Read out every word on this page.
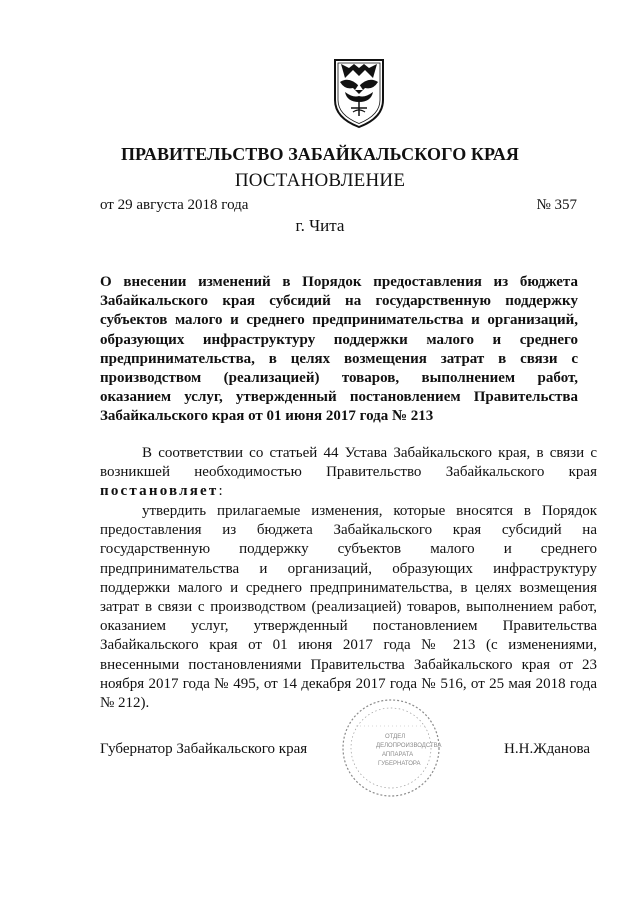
ПРАВИТЕЛЬСТВО ЗАБАЙКАЛЬСКОГО КРАЯ
ПОСТАНОВЛЕНИЕ
от 29 августа 2018 года	№ 357
г. Чита

О внесении изменений в Порядок предоставления из бюджета Забайкальского края субсидий на государственную поддержку субъектов малого и среднего предпринимательства и организаций, образующих инфраструктуру поддержки малого и среднего предпринимательства, в целях возмещения затрат в связи с производством (реализацией) товаров, выполнением работ, оказанием услуг, утвержденный постановлением Правительства Забайкальского края от 01 июня 2017 года № 213

В соответствии со статьей 44 Устава Забайкальского края, в связи с возникшей необходимостью Правительство Забайкальского края постановляет:

утвердить прилагаемые изменения, которые вносятся в Порядок предоставления из бюджета Забайкальского края субсидий на государственную поддержку субъектов малого и среднего предпринимательства и организаций, образующих инфраструктуру поддержки малого и среднего предпринимательства, в целях возмещения затрат в связи с производством (реализацией) товаров, выполнением работ, оказанием услуг, утвержденный постановлением Правительства Забайкальского края от 01 июня 2017 года № 213 (с изменениями, внесенными постановлениями Правительства Забайкальского края от 23 ноября 2017 года № 495, от 14 декабря 2017 года № 516, от 25 мая 2018 года № 212).

ОТДЕЛ
ДЕЛОПРОИЗВОДСТВА
АППАРАТА
ГУБЕРНАТОРА
Губернатор Забайкальского края	Н.Н.Жданова
